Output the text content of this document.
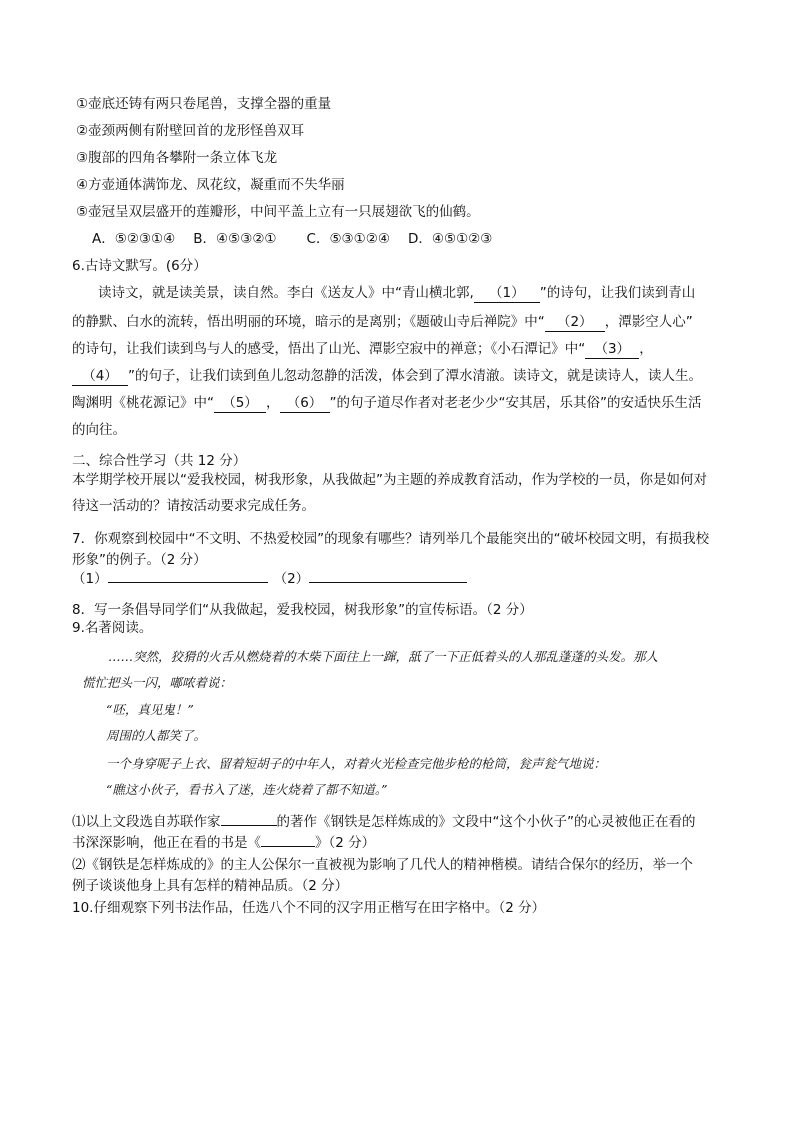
①壶底还铸有两只卷尾兽，支撑全器的重量
②壶颈两侧有附壁回首的龙形怪兽双耳
③腹部的四角各攀附一条立体飞龙
④方壶通体满饰龙、凤花纹，凝重而不失华丽
⑤壶冠呈双层盛开的莲瓣形，中间平盖上立有一只展翅欲飞的仙鹤。
A．⑤②③①④ B．④⑤③②① C．⑤③①②④ D．④⑤①②③
6.古诗文默写。(6分）
读诗文，就是读美景，读自然。李白《送友人》中“青山横北郭, （1） ”的诗句，让我们读到青山
的静默、白水的流转，悟出明丽的环境，暗示的是离别；《题破山寺后禅院》中“ （2） ，潭影空人心”
的诗句，让我们读到鸟与人的感受，悟出了山光、潭影空寂中的禅意；《小石潭记》中“ （3） ，
（4） ”的句子，让我们读到鱼儿忽动忽静的活泼，体会到了潭水清澈。读诗文，就是读诗人，读人生。
陶渊明《桃花源记》中“ （5） ， （6） ”的句子道尽作者对老老少少“安其居，乐其俗”的安适快乐生活
的向往。
二、综合性学习（共 12 分）
本学期学校开展以“爱我校园，树我形象，从我做起”为主题的养成教育活动，作为学校的一员，你是如何对
待这一活动的？请按活动要求完成任务。
7．你观察到校园中“不文明、不热爱校园”的现象有哪些？请列举几个最能突出的“破坏校园文明，有损我校
形象”的例子。（2 分）
（1）	（2）
8．写一条倡导同学们“从我做起，爱我校园，树我形象”的宣传标语。（2 分）
9.名著阅读。
……突然，狡猾的火舌从燃烧着的木柴下面往上一蹿，舐了一下正低着头的人那乱蓬蓬的头发。那人
慌忙把头一闪，嘟哝着说：
“呸，真见鬼！”
周围的人都笑了。
一个身穿呢子上衣、留着短胡子的中年人，对着火光检查完他步枪的枪筒，瓮声瓮气地说：
“瞧这小伙子，看书入了迷，连火烧着了都不知道。”
⑴以上文段选自苏联作家	的著作《钢铁是怎样炼成的》文段中“这个小伙子”的心灵被他正在看的
书深深影响，他正在看的书是《	》（2 分）
⑵《钢铁是怎样炼成的》的主人公保尔一直被视为影响了几代人的精神楷模。请结合保尔的经历，举一个
例子谈谈他身上具有怎样的精神品质。（2 分）
10.仔细观察下列书法作品，任选八个不同的汉字用正楷写在田字格中。（2 分）
